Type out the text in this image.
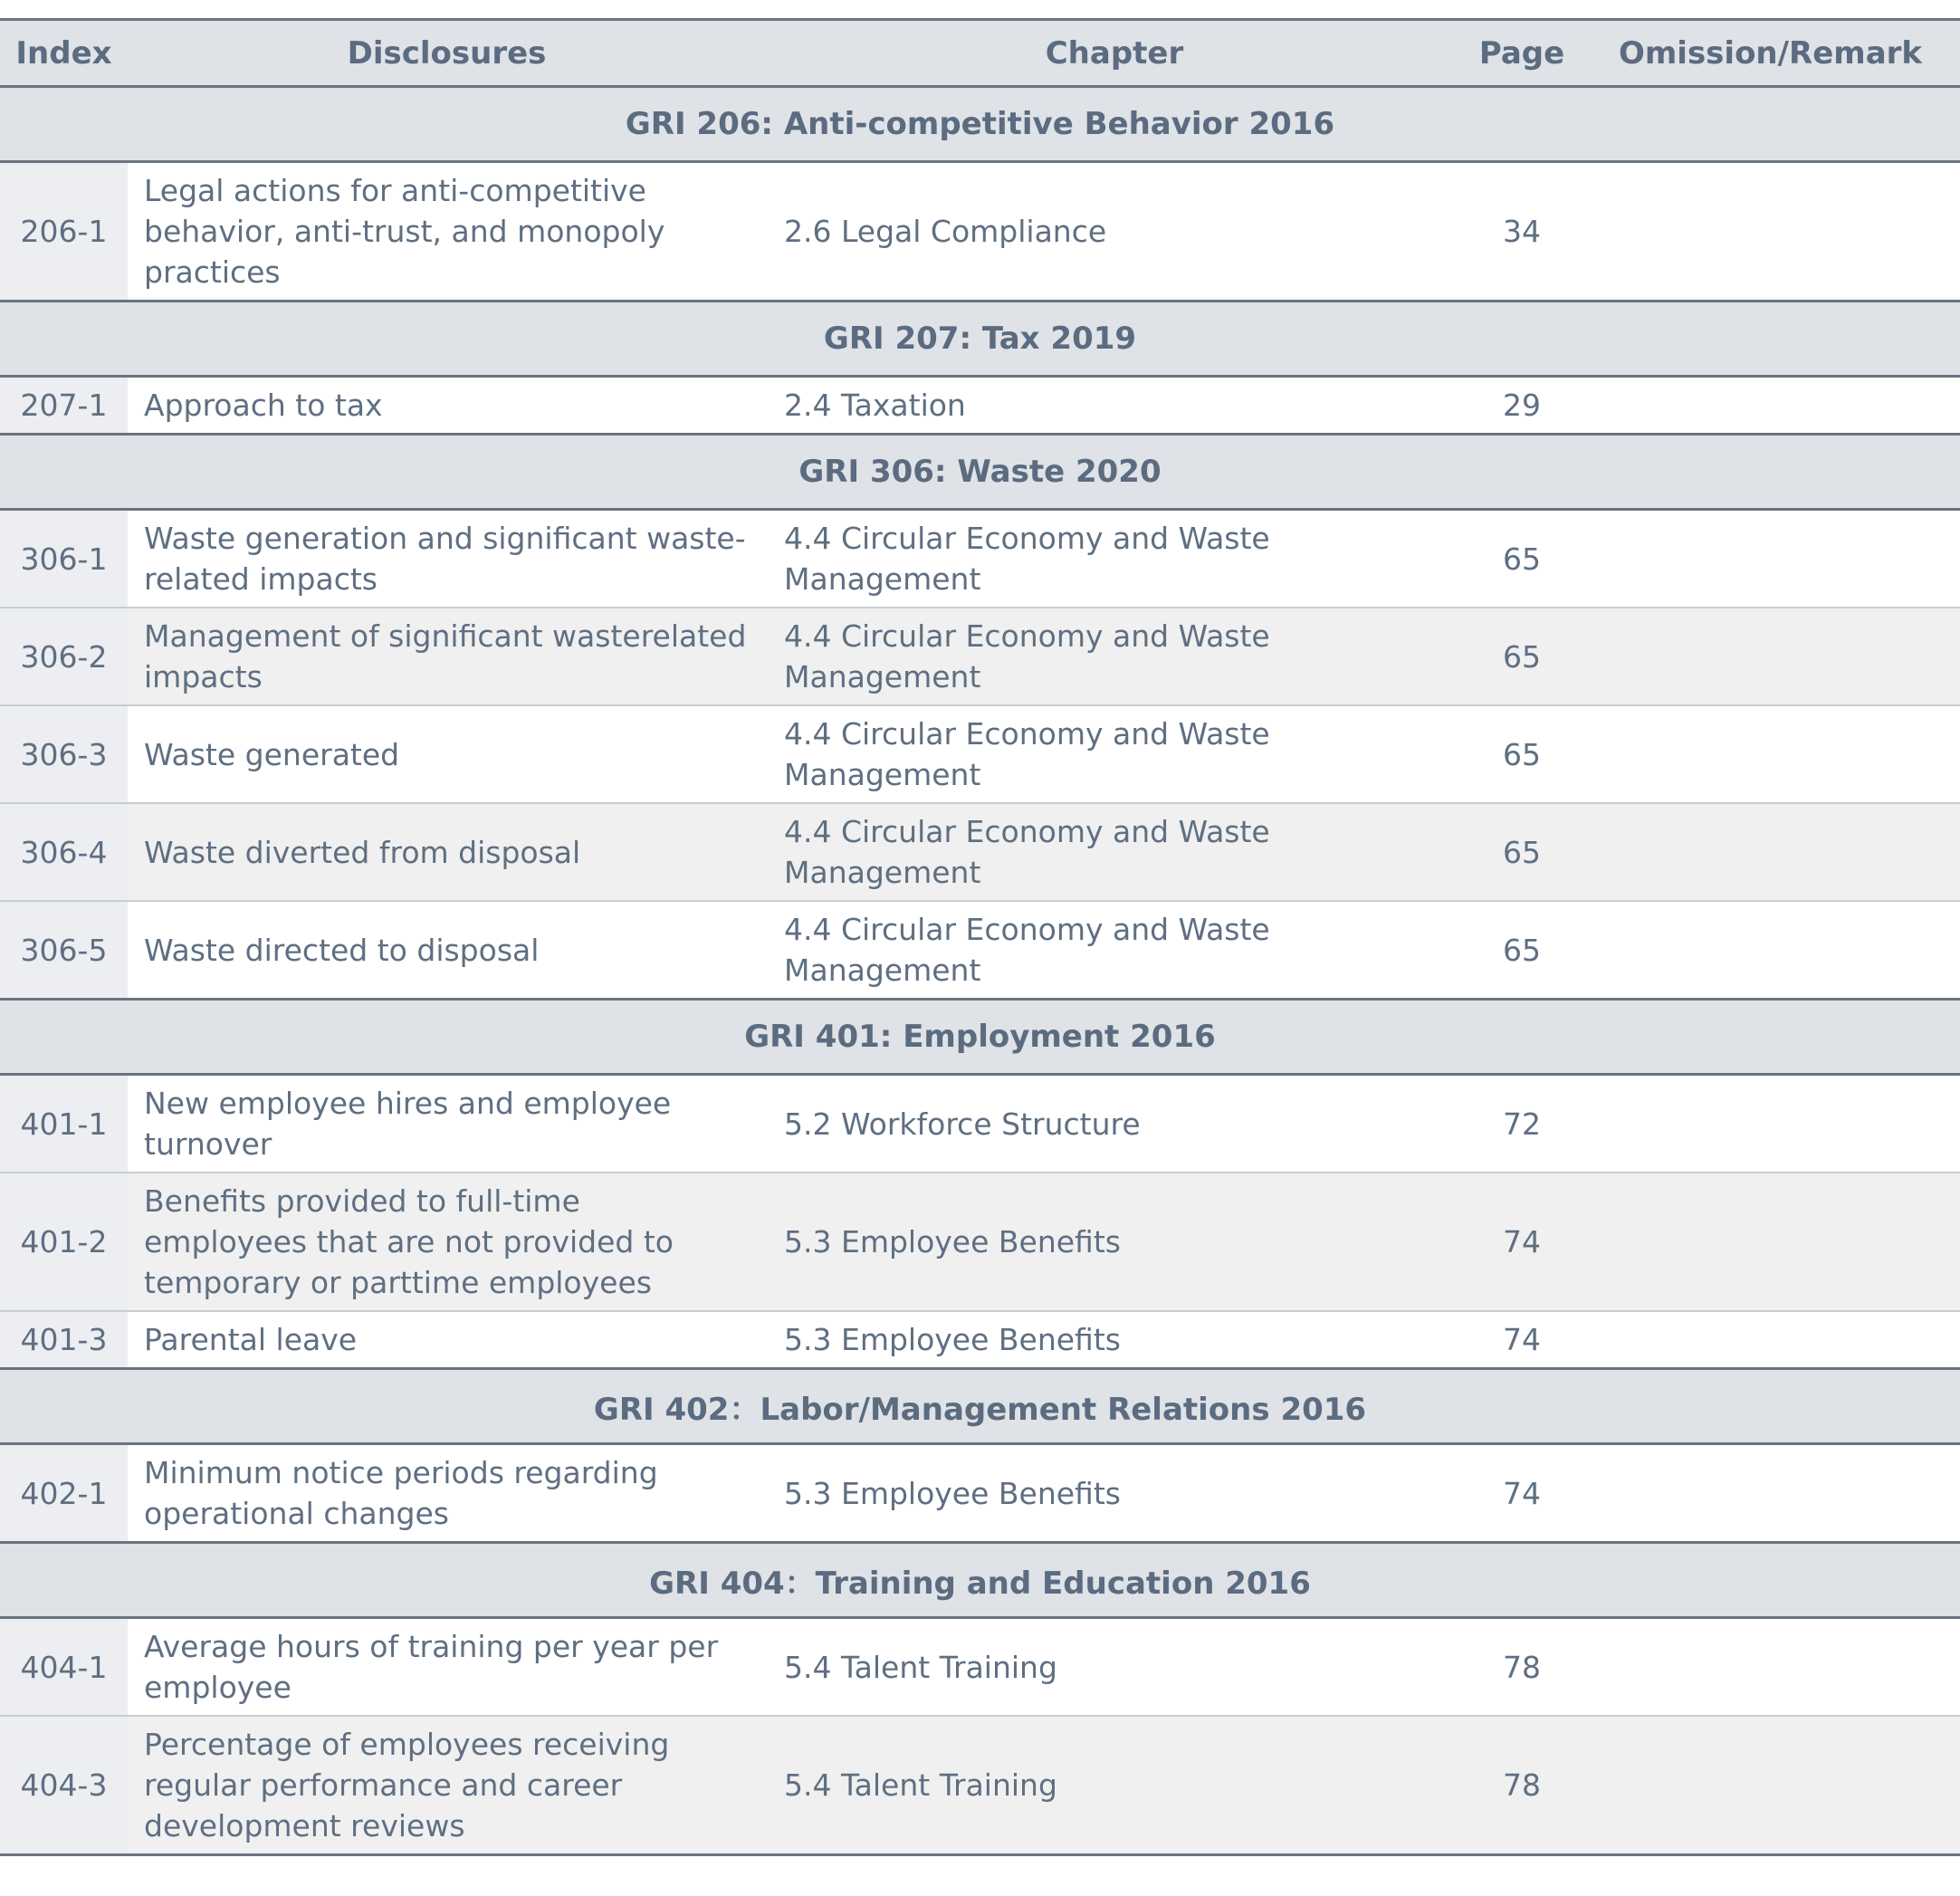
Index	Disclosures	Chapter	Page	Omission/Remark
GRI 206: Anti-competitive Behavior 2016				
206-1	Legal actions for anti-competitive behavior, anti-trust, and monopoly practices	2.6 Legal Compliance	34	
GRI 207: Tax 2019				
207-1	Approach to tax	2.4 Taxation	29	
GRI 306: Waste 2020				
306-1	Waste generation and significant waste-related impacts	4.4 Circular Economy and Waste Management	65	
306-2	Management of significant wasterelated impacts	4.4 Circular Economy and Waste Management	65	
306-3	Waste generated	4.4 Circular Economy and Waste Management	65	
306-4	Waste diverted from disposal	4.4 Circular Economy and Waste Management	65	
306-5	Waste directed to disposal	4.4 Circular Economy and Waste Management	65	
GRI 401: Employment 2016				
401-1	New employee hires and employee turnover	5.2 Workforce Structure	72	
401-2	Benefits provided to full-time employees that are not provided to temporary or parttime employees	5.3 Employee Benefits	74	
401-3	Parental leave	5.3 Employee Benefits	74	
GRI 402：Labor/Management Relations 2016				
402-1	Minimum notice periods regarding operational changes	5.3 Employee Benefits	74	
GRI 404：Training and Education 2016				
404-1	Average hours of training per year per employee	5.4 Talent Training	78	
404-3	Percentage of employees receiving regular performance and career development reviews	5.4 Talent Training	78	
